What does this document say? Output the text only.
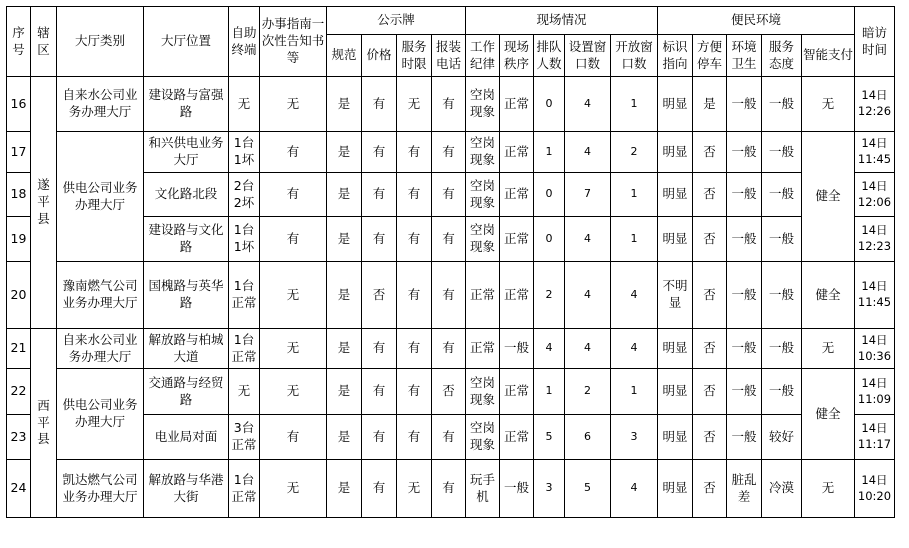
序号	辖区	大厅类别	大厅位置	自助终端	办事指南一次性告知书等	公示牌				现场情况					便民环境					暗访时间
						规范	价格	服务时限	报装电话	工作纪律	现场秩序	排队人数	设置窗口数	开放窗口数	标识指向	方便停车	环境卫生	服务态度	智能支付	
16	遂平县	自来水公司业务办理大厅	建设路与富强路	无	无	是	有	无	有	空岗现象	正常	0	4	1	明显	是	一般	一般	无	14日 12:26
17		供电公司业务办理大厅	和兴供电业务大厅	1台1坏	有	是	有	有	有	空岗现象	正常	1	4	2	明显	否	一般	一般	健全	14日 11:45
18			文化路北段	2台2坏	有	是	有	有	有	空岗现象	正常	0	7	1	明显	否	一般	一般		14日 12:06
19			建设路与文化路	1台1坏	有	是	有	有	有	空岗现象	正常	0	4	1	明显	否	一般	一般		14日 12:23
20		豫南燃气公司业务办理大厅	国槐路与英华路	1台正常	无	是	否	有	有	正常	正常	2	4	4	不明显	否	一般	一般	健全	14日 11:45
21	西平县	自来水公司业务办理大厅	解放路与柏城大道	1台正常	无	是	有	有	有	正常	一般	4	4	4	明显	否	一般	一般	无	14日 10:36
22		供电公司业务办理大厅	交通路与经贸路	无	无	是	有	有	否	空岗现象	正常	1	2	1	明显	否	一般	一般	健全	14日 11:09
23			电业局对面	3台正常	有	是	有	有	有	空岗现象	正常	5	6	3	明显	否	一般	较好		14日 11:17
24		凯达燃气公司业务办理大厅	解放路与华港大街	1台正常	无	是	有	无	有	玩手机	一般	3	5	4	明显	否	脏乱差	冷漠	无	14日 10:20
